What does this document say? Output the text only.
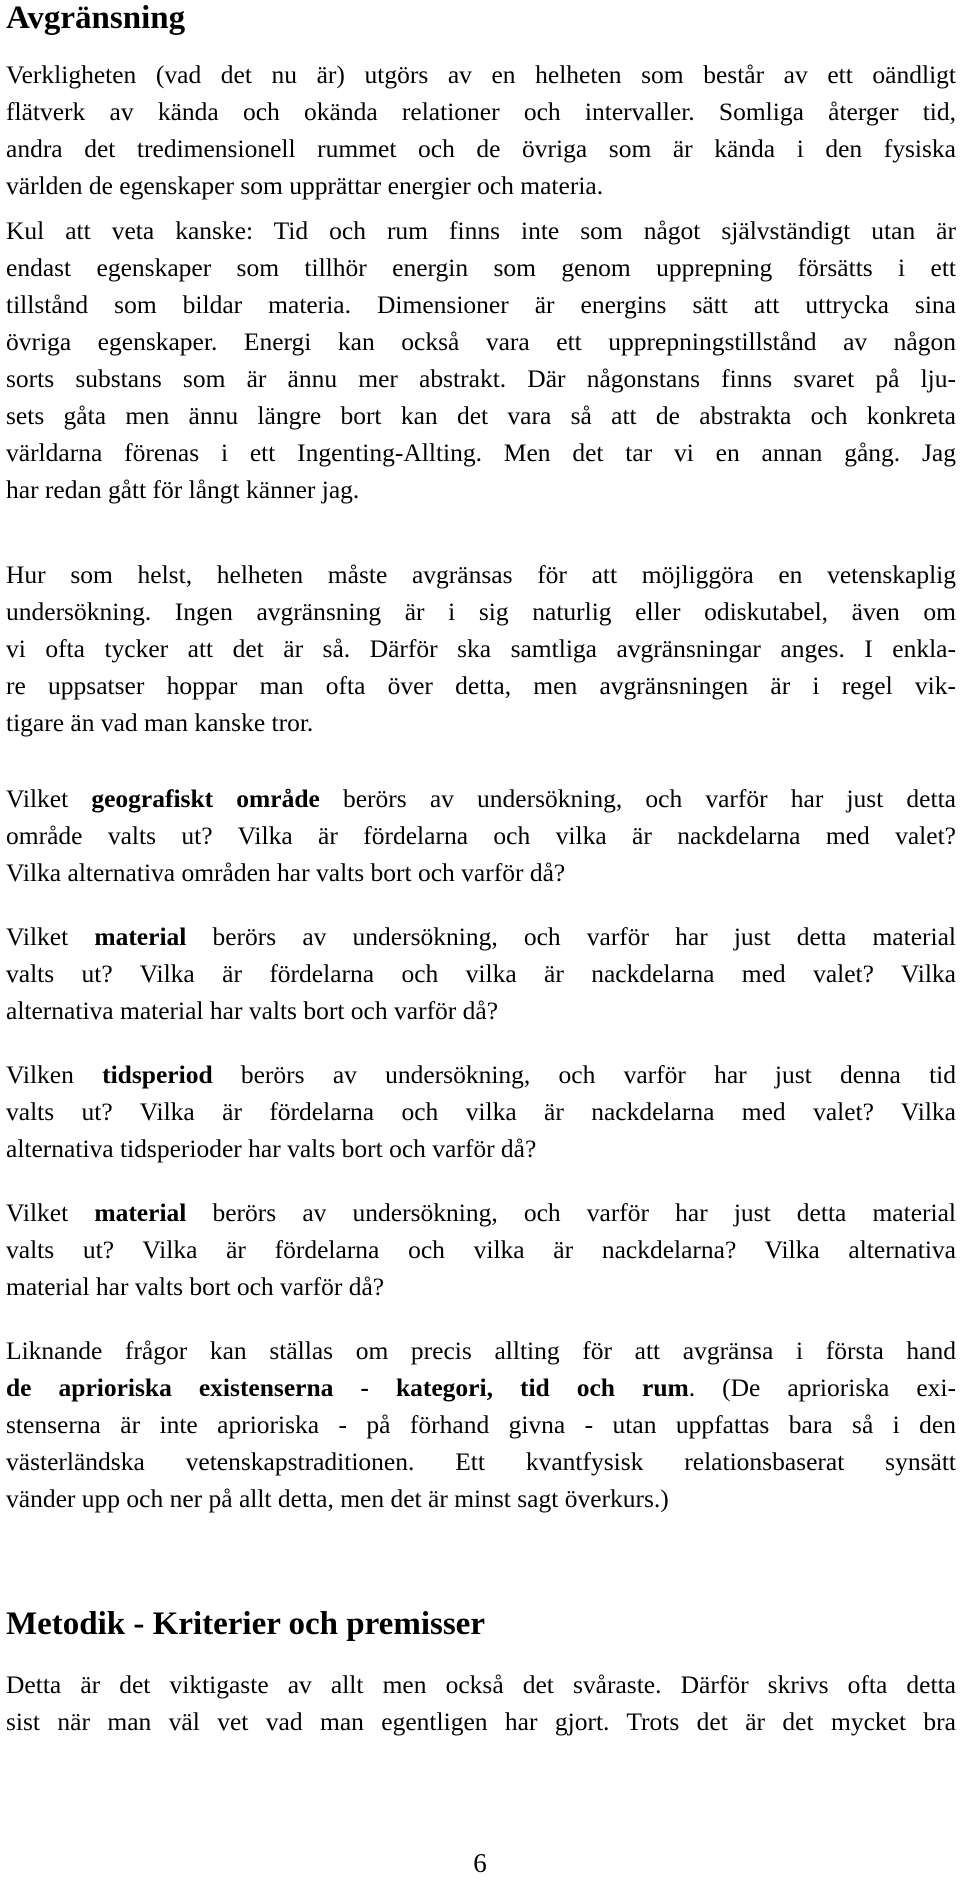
Avgränsning
Verkligheten (vad det nu är) utgörs av en helheten som består av ett oändligt
flätverk av kända och okända relationer och intervaller. Somliga återger tid,
andra det tredimensionell rummet och de övriga som är kända i den fysiska
världen de egenskaper som upprättar energier och materia.
Kul att veta kanske: Tid och rum finns inte som något självständigt utan är
endast egenskaper som tillhör energin som genom upprepning försätts i ett
tillstånd som bildar materia. Dimensioner är energins sätt att uttrycka sina
övriga egenskaper. Energi kan också vara ett upprepningstillstånd av någon
sorts substans som är ännu mer abstrakt. Där någonstans finns svaret på lju-
sets gåta men ännu längre bort kan det vara så att de abstrakta och konkreta
världarna förenas i ett Ingenting-Allting. Men det tar vi en annan gång. Jag
har redan gått för långt känner jag.
Hur som helst, helheten måste avgränsas för att möjliggöra en vetenskaplig
undersökning. Ingen avgränsning är i sig naturlig eller odiskutabel, även om
vi ofta tycker att det är så. Därför ska samtliga avgränsningar anges. I enkla-
re uppsatser hoppar man ofta över detta, men avgränsningen är i regel vik-
tigare än vad man kanske tror.
Vilket geografiskt område berörs av undersökning, och varför har just detta
område valts ut? Vilka är fördelarna och vilka är nackdelarna med valet?
Vilka alternativa områden har valts bort och varför då?
Vilket material berörs av undersökning, och varför har just detta material
valts ut? Vilka är fördelarna och vilka är nackdelarna med valet? Vilka
alternativa material har valts bort och varför då?
Vilken tidsperiod berörs av undersökning, och varför har just denna tid
valts ut? Vilka är fördelarna och vilka är nackdelarna med valet? Vilka
alternativa tidsperioder har valts bort och varför då?
Vilket material berörs av undersökning, och varför har just detta material
valts ut? Vilka är fördelarna och vilka är nackdelarna? Vilka alternativa
material har valts bort och varför då?
Liknande frågor kan ställas om precis allting för att avgränsa i första hand
de aprioriska existenserna - kategori, tid och rum. (De aprioriska exi-
stenserna är inte aprioriska - på förhand givna - utan uppfattas bara så i den
västerländska vetenskapstraditionen. Ett kvantfysisk relationsbaserat synsätt
vänder upp och ner på allt detta, men det är minst sagt överkurs.)
Metodik - Kriterier och premisser
Detta är det viktigaste av allt men också det svåraste. Därför skrivs ofta detta
sist när man väl vet vad man egentligen har gjort. Trots det är det mycket bra
6
